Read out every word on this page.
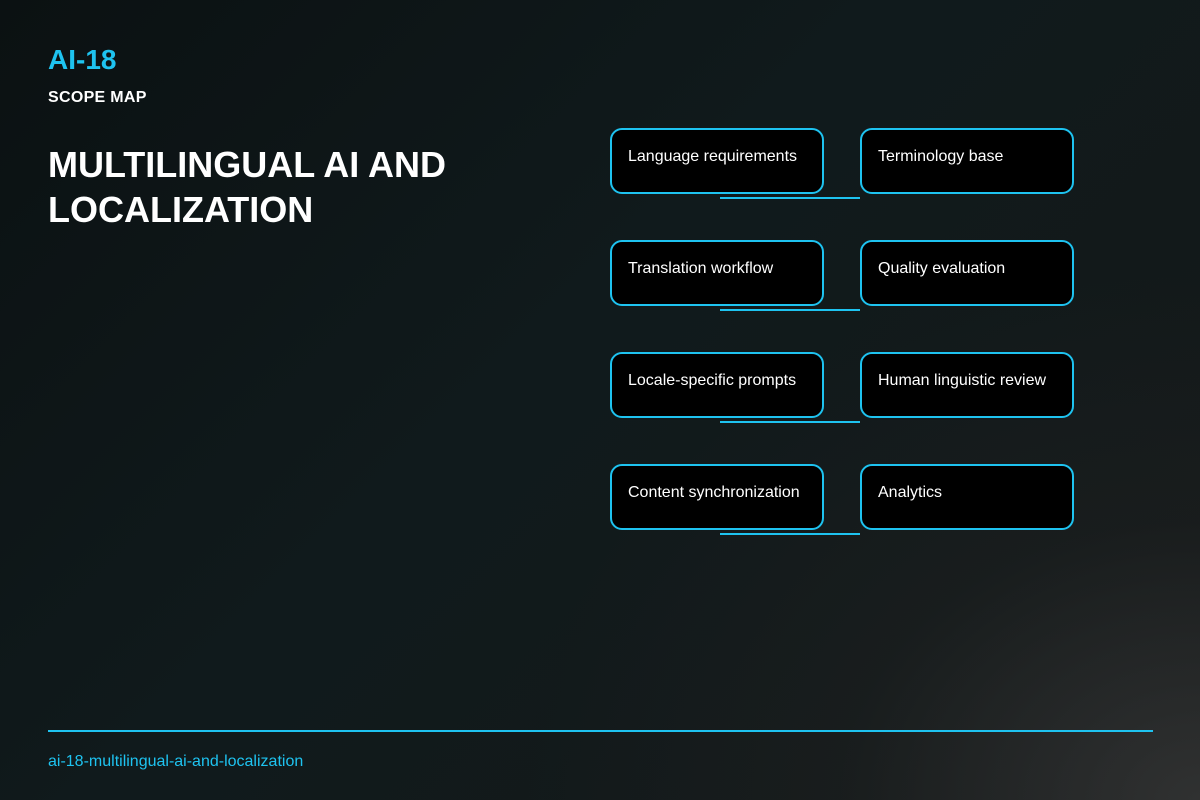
AI-18
SCOPE MAP
MULTILINGUAL AI AND LOCALIZATION
Language requirements	Terminology base
Translation workflow	Quality evaluation
Locale-specific prompts	Human linguistic review
Content synchronization	Analytics
ai-18-multilingual-ai-and-localization
